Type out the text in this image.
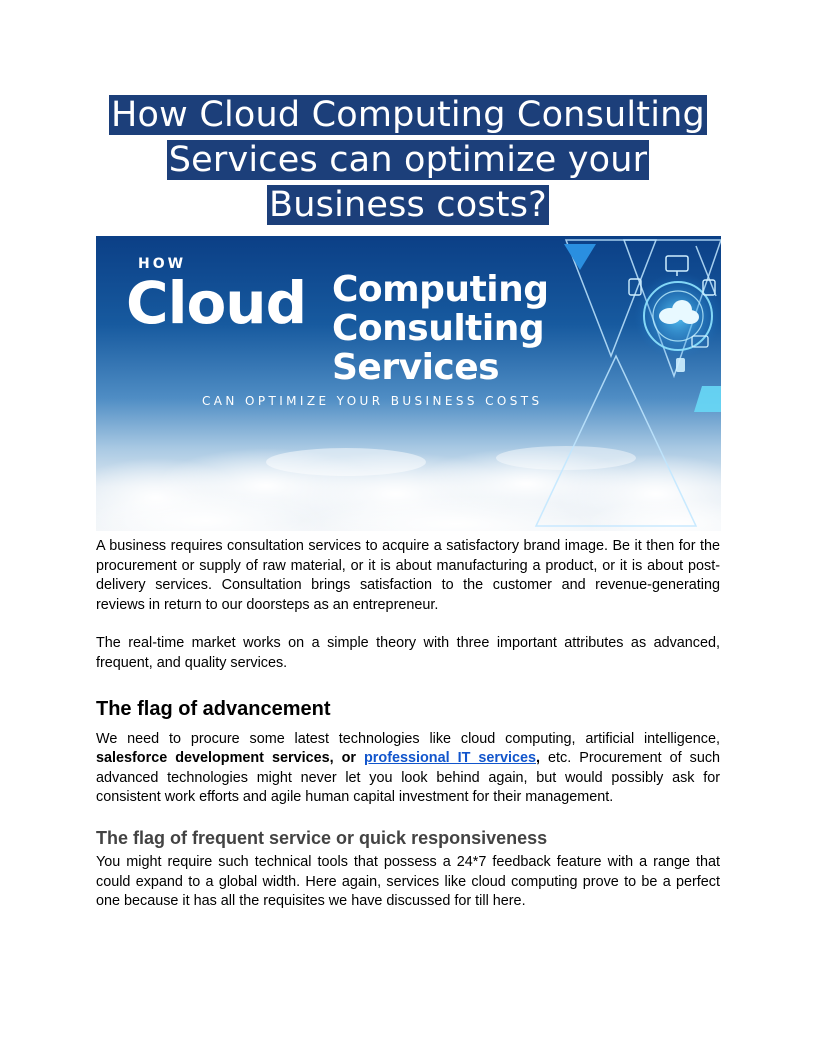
How Cloud Computing Consulting
Services can optimize your
Business costs?
HOW
Cloud Computing
Consulting
Services
CAN OPTIMIZE YOUR BUSINESS COSTS

A business requires consultation services to acquire a satisfactory brand image. Be it then for the procurement or supply of raw material, or it is about manufacturing a product, or it is about post-delivery services. Consultation brings satisfaction to the customer and revenue-generating reviews in return to our doorsteps as an entrepreneur.

The real-time market works on a simple theory with three important attributes as advanced, frequent, and quality services.

The flag of advancement

We need to procure some latest technologies like cloud computing, artificial intelligence, salesforce development services, or professional IT services, etc. Procurement of such advanced technologies might never let you look behind again, but would possibly ask for consistent work efforts and agile human capital investment for their management.

The flag of frequent service or quick responsiveness

You might require such technical tools that possess a 24*7 feedback feature with a range that could expand to a global width. Here again, services like cloud computing prove to be a perfect one because it has all the requisites we have discussed for till here.
